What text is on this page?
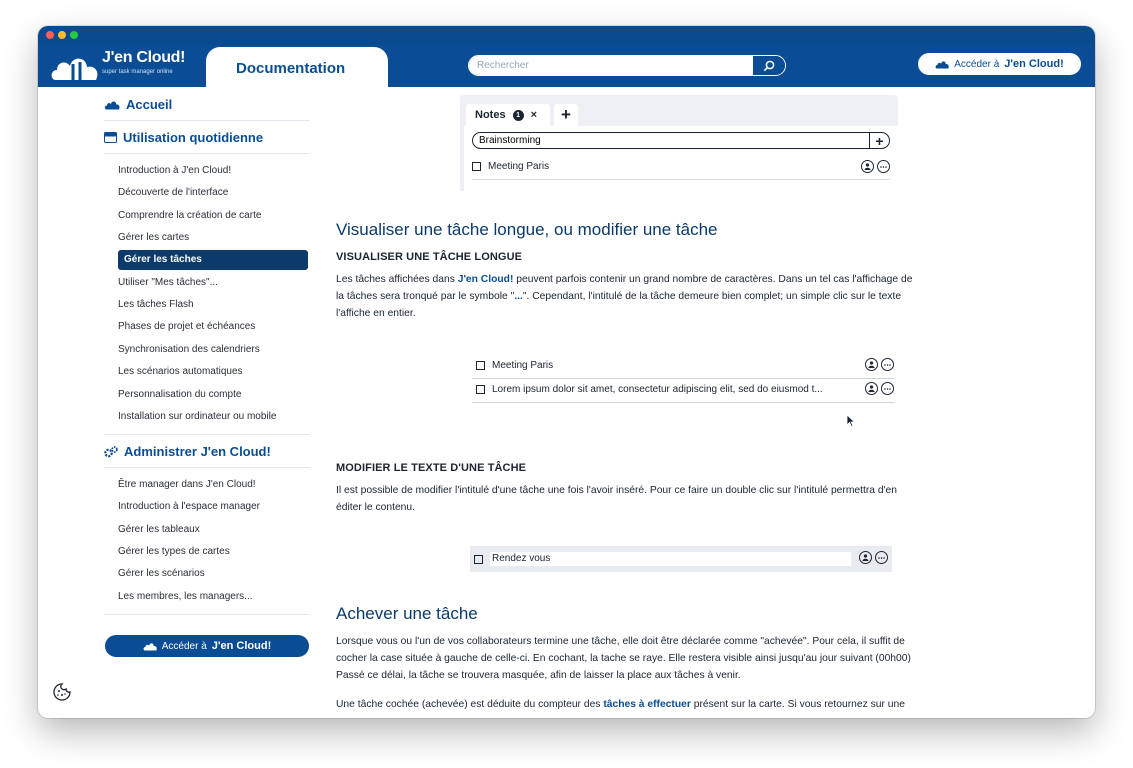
J'en Cloud!
super task manager online	Documentation
Rechercher	Accéder à J'en Cloud!
Accueil
Utilisation quotidienne
Introduction à J'en Cloud!
Découverte de l'interface
Comprendre la création de carte
Gérer les cartes
Gérer les tâches
Utiliser "Mes tâches"...
Les tâches Flash
Phases de projet et échéances
Synchronisation des calendriers
Les scénarios automatiques
Personnalisation du compte
Installation sur ordinateur ou mobile
Administrer J'en Cloud!
Être manager dans J'en Cloud!
Introduction à l'espace manager
Gérer les tableaux
Gérer les types de cartes
Gérer les scénarios
Les membres, les managers...
Accéder à J'en Cloud!
Notes	1 ×	+
Brainstorming
+
Meeting Paris
Visualiser une tâche longue, ou modifier une tâche
VISUALISER UNE TÂCHE LONGUE
Les tâches affichées dans J'en Cloud! peuvent parfois contenir un grand nombre de caractères. Dans un tel cas l'affichage de
la tâches sera tronqué par le symbole "...". Cependant, l'intitulé de la tâche demeure bien complet; un simple clic sur le texte
l'affiche en entier.
Meeting Paris
Lorem ipsum dolor sit amet, consectetur adipiscing elit, sed do eiusmod t...
MODIFIER LE TEXTE D'UNE TÂCHE
Il est possible de modifier l'intitulé d'une tâche une fois l'avoir inséré. Pour ce faire un double clic sur l'intitulé permettra d'en
éditer le contenu.
Rendez vous
Achever une tâche
Lorsque vous ou l'un de vos collaborateurs termine une tâche, elle doit être déclarée comme "achevée". Pour cela, il suffit de
cocher la case située à gauche de celle-ci. En cochant, la tache se raye. Elle restera visible ainsi jusqu'au jour suivant (00h00)
Passé ce délai, la tâche se trouvera masquée, afin de laisser la place aux tâches à venir.
Une tâche cochée (achevée) est déduite du compteur des tâches à effectuer présent sur la carte. Si vous retournez sur une
